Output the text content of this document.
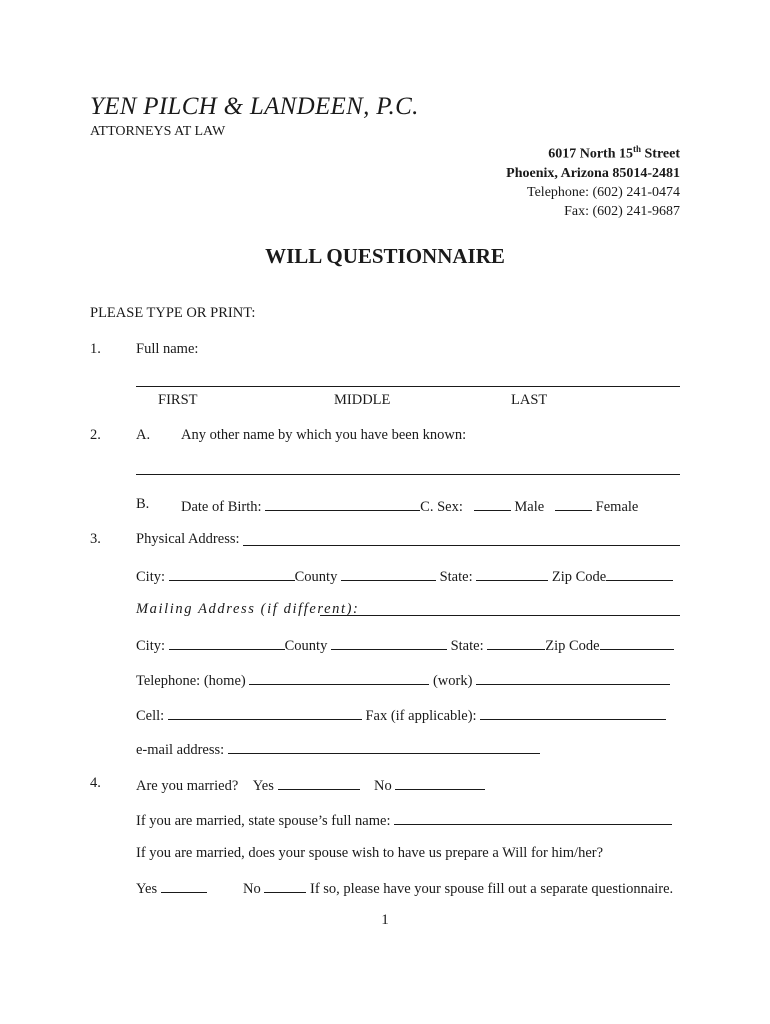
YEN PILCH & LANDEEN, P.C.
ATTORNEYS AT LAW
6017 North 15th Street
Phoenix, Arizona 85014-2481
Telephone: (602) 241-0474
Fax: (602) 241-9687
WILL QUESTIONNAIRE
PLEASE TYPE OR PRINT:
1. Full name:
FIRST	MIDDLE	LAST
2. A. Any other name by which you have been known:
B. Date of Birth:	C. Sex:	Male	Female
3. Physical Address:
City:	County	State:	Zip Code
Mailing Address (if different):
City:	County	State:	Zip Code
Telephone: (home)	(work)
Cell:	Fax (if applicable):
e-mail address:
4. Are you married? Yes	No
If you are married, state spouse’s full name:
If you are married, does your spouse wish to have us prepare a Will for him/her?
Yes	No	If so, please have your spouse fill out a separate questionnaire.
1
